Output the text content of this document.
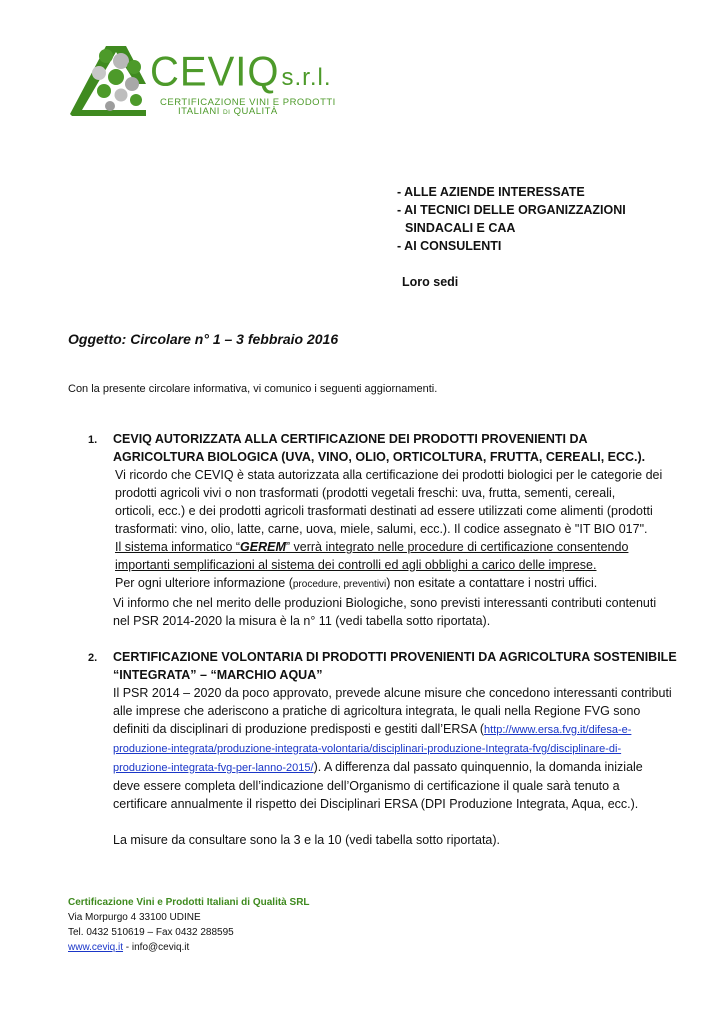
CEVIQs.r.l.
CERTIFICAZIONE VINI E PRODOTTI
ITALIANI DI QUALITÀ
- ALLE AZIENDE INTERESSATE
- AI TECNICI DELLE ORGANIZZAZIONI
SINDACALI E CAA
- AI CONSULENTI
Loro sedi
Oggetto: Circolare n° 1 – 3 febbraio 2016
Con la presente circolare informativa, vi comunico i seguenti aggiornamenti.
1. CEVIQ AUTORIZZATA ALLA CERTIFICAZIONE DEI PRODOTTI PROVENIENTI DA
AGRICOLTURA BIOLOGICA (UVA, VINO, OLIO, ORTICOLTURA, FRUTTA, CEREALI, ECC.).
Vi ricordo che CEVIQ è stata autorizzata alla certificazione dei prodotti biologici per le categorie dei
prodotti agricoli vivi o non trasformati (prodotti vegetali freschi: uva, frutta, sementi, cereali,
orticoli, ecc.) e dei prodotti agricoli trasformati destinati ad essere utilizzati come alimenti (prodotti
trasformati: vino, olio, latte, carne, uova, miele, salumi, ecc.). Il codice assegnato è "IT BIO 017".
Il sistema informatico “GEREM” verrà integrato nelle procedure di certificazione consentendo
importanti semplificazioni al sistema dei controlli ed agli obblighi a carico delle imprese.
Per ogni ulteriore informazione (procedure, preventivi) non esitate a contattare i nostri uffici.
Vi informo che nel merito delle produzioni Biologiche, sono previsti interessanti contributi contenuti
nel PSR 2014-2020 la misura è la n° 11 (vedi tabella sotto riportata).
2. CERTIFICAZIONE VOLONTARIA DI PRODOTTI PROVENIENTI DA AGRICOLTURA SOSTENIBILE
“INTEGRATA” – “MARCHIO AQUA”
Il PSR 2014 – 2020 da poco approvato, prevede alcune misure che concedono interessanti contributi
alle imprese che aderiscono a pratiche di agricoltura integrata, le quali nella Regione FVG sono
definiti da disciplinari di produzione predisposti e gestiti dall’ERSA (http://www.ersa.fvg.it/difesa-e-
produzione-integrata/produzione-integrata-volontaria/disciplinari-produzione-Integrata-fvg/disciplinare-di-
produzione-integrata-fvg-per-lanno-2015/). A differenza dal passato quinquennio, la domanda iniziale
deve essere completa dell’indicazione dell’Organismo di certificazione il quale sarà tenuto a
certificare annualmente il rispetto dei Disciplinari ERSA (DPI Produzione Integrata, Aqua, ecc.).
La misure da consultare sono la 3 e la 10 (vedi tabella sotto riportata).
Certificazione Vini e Prodotti Italiani di Qualità SRL
Via Morpurgo 4 33100 UDINE
Tel. 0432 510619 – Fax 0432 288595
www.ceviq.it - info@ceviq.it
